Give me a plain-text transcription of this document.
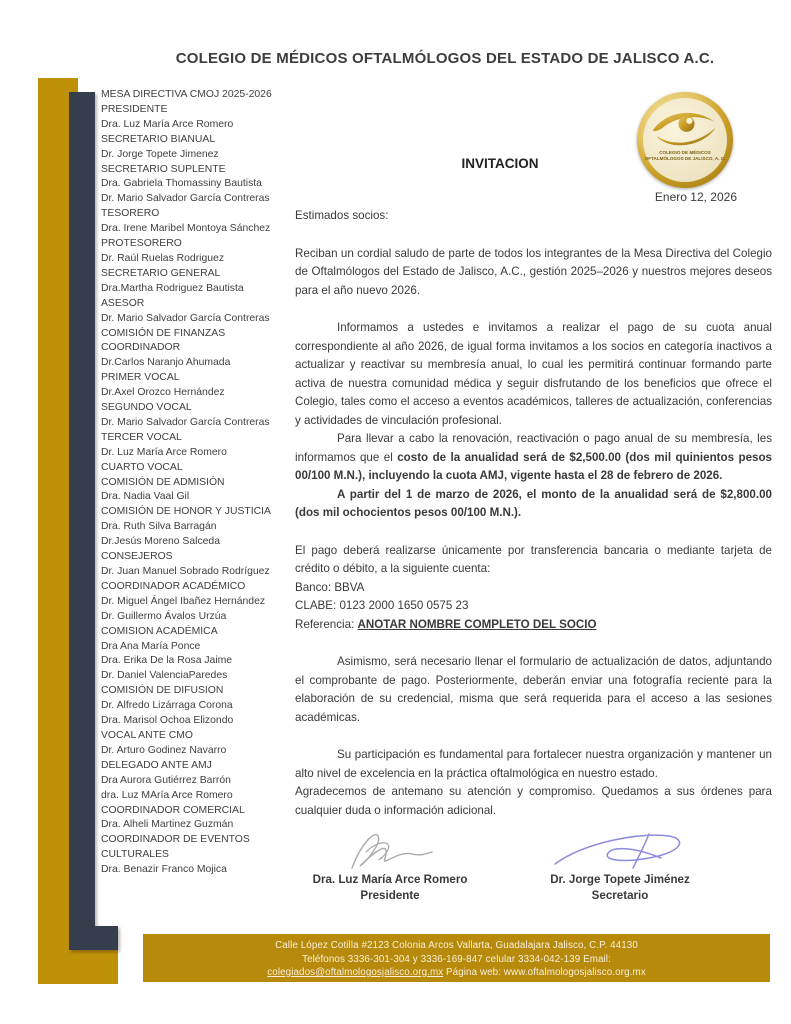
COLEGIO DE MÉDICOS OFTALMÓLOGOS DEL ESTADO DE JALISCO A.C.
MESA DIRECTIVA CMOJ 2025-2026
PRESIDENTE
Dra. Luz María Arce Romero
SECRETARIO BIANUAL
Dr. Jorge Topete Jimenez
SECRETARIO SUPLENTE
Dra. Gabriela Thomassiny Bautista
Dr. Mario Salvador García Contreras
TESORERO
Dra. Irene Maribel Montoya Sánchez
PROTESORERO
Dr. Raúl Ruelas Rodriguez
SECRETARIO GENERAL
Dra.Martha Rodriguez Bautista
ASESOR
Dr. Mario Salvador García Contreras
COMISIÓN DE FINANZAS
COORDINADOR
Dr.Carlos Naranjo Ahumada
PRIMER VOCAL
Dr.Axel Orozco Hernández
SEGUNDO VOCAL
Dr. Mario Salvador García Contreras
TERCER VOCAL
Dr. Luz María Arce Romero
CUARTO VOCAL
COMISIÓN DE ADMISIÓN
Dra. Nadia Vaal Gil
COMISIÓN DE HONOR Y JUSTICIA
Dra. Ruth Silva Barragán
Dr.Jesús Moreno Salceda
CONSEJEROS
Dr. Juan Manuel Sobrado Rodríguez
COORDINADOR ACADÉMICO
Dr. Miguel Ángel Ibañez Hernández
Dr. Guillermo Ávalos Urzúa
COMISION ACADÉMICA
Dra Ana María Ponce
Dra. Erika De la Rosa Jaime
Dr. Daniel ValenciaParedes
COMISIÓN DE DIFUSION
Dr. Alfredo Lizárraga Corona
Dra. Marisol Ochoa Elizondo
VOCAL ANTE CMO
Dr. Arturo Godinez Navarro
DELEGADO ANTE AMJ
Dra Aurora Gutiérrez Barrón
dra. Luz MAría Arce Romero
COORDINADOR COMERCIAL
Dra. Alheli Martinez Guzmán
COORDINADOR DE EVENTOS
CULTURALES
Dra. Benazir Franco Mojica
COLEGIO DE MÉDICOS
OFTALMÓLOGOS DE JALISCO, A. C.
INVITACION
Enero 12, 2026
Estimados socios:

Reciban un cordial saludo de parte de todos los integrantes de la Mesa Directiva del Colegio de Oftalmólogos del Estado de Jalisco, A.C., gestión 2025–2026 y nuestros mejores deseos para el año nuevo 2026.

Informamos a ustedes e invitamos a realizar el pago de su cuota anual correspondiente al año 2026, de igual forma invitamos a los socios en categoría inactivos a actualizar y reactivar su membresía anual, lo cual les permitirá continuar formando parte activa de nuestra comunidad médica y seguir disfrutando de los beneficios que ofrece el Colegio, tales como el acceso a eventos académicos, talleres de actualización, conferencias y actividades de vinculación profesional.

Para llevar a cabo la renovación, reactivación o pago anual de su membresía, les informamos que el costo de la anualidad será de $2,500.00 (dos mil quinientos pesos 00/100 M.N.), incluyendo la cuota AMJ, vigente hasta el 28 de febrero de 2026.

A partir del 1 de marzo de 2026, el monto de la anualidad será de $2,800.00 (dos mil ochocientos pesos 00/100 M.N.).

El pago deberá realizarse únicamente por transferencia bancaria o mediante tarjeta de crédito o débito, a la siguiente cuenta:

Banco: BBVA

CLABE: 0123 2000 1650 0575 23

Referencia: ANOTAR NOMBRE COMPLETO DEL SOCIO

Asimismo, será necesario llenar el formulario de actualización de datos, adjuntando el comprobante de pago. Posteriormente, deberán enviar una fotografía reciente para la elaboración de su credencial, misma que será requerida para el acceso a las sesiones académicas.

Su participación es fundamental para fortalecer nuestra organización y mantener un alto nivel de excelencia en la práctica oftalmológica en nuestro estado.

Agradecemos de antemano su atención y compromiso. Quedamos a sus órdenes para cualquier duda o información adicional.

Dra. Luz María Arce Romero
Presidente
Dr. Jorge Topete Jiménez
Secretario
Calle López Cotilla #2123 Colonia Arcos Vallarta, Guadalajara Jalisco, C.P. 44130
Teléfonos 3336-301-304 y 3336-169-847 celular 3334-042-139 Email:
colegiados@oftalmologosjalisco.org.mx Página web: www.oftalmologosjalisco.org.mx
